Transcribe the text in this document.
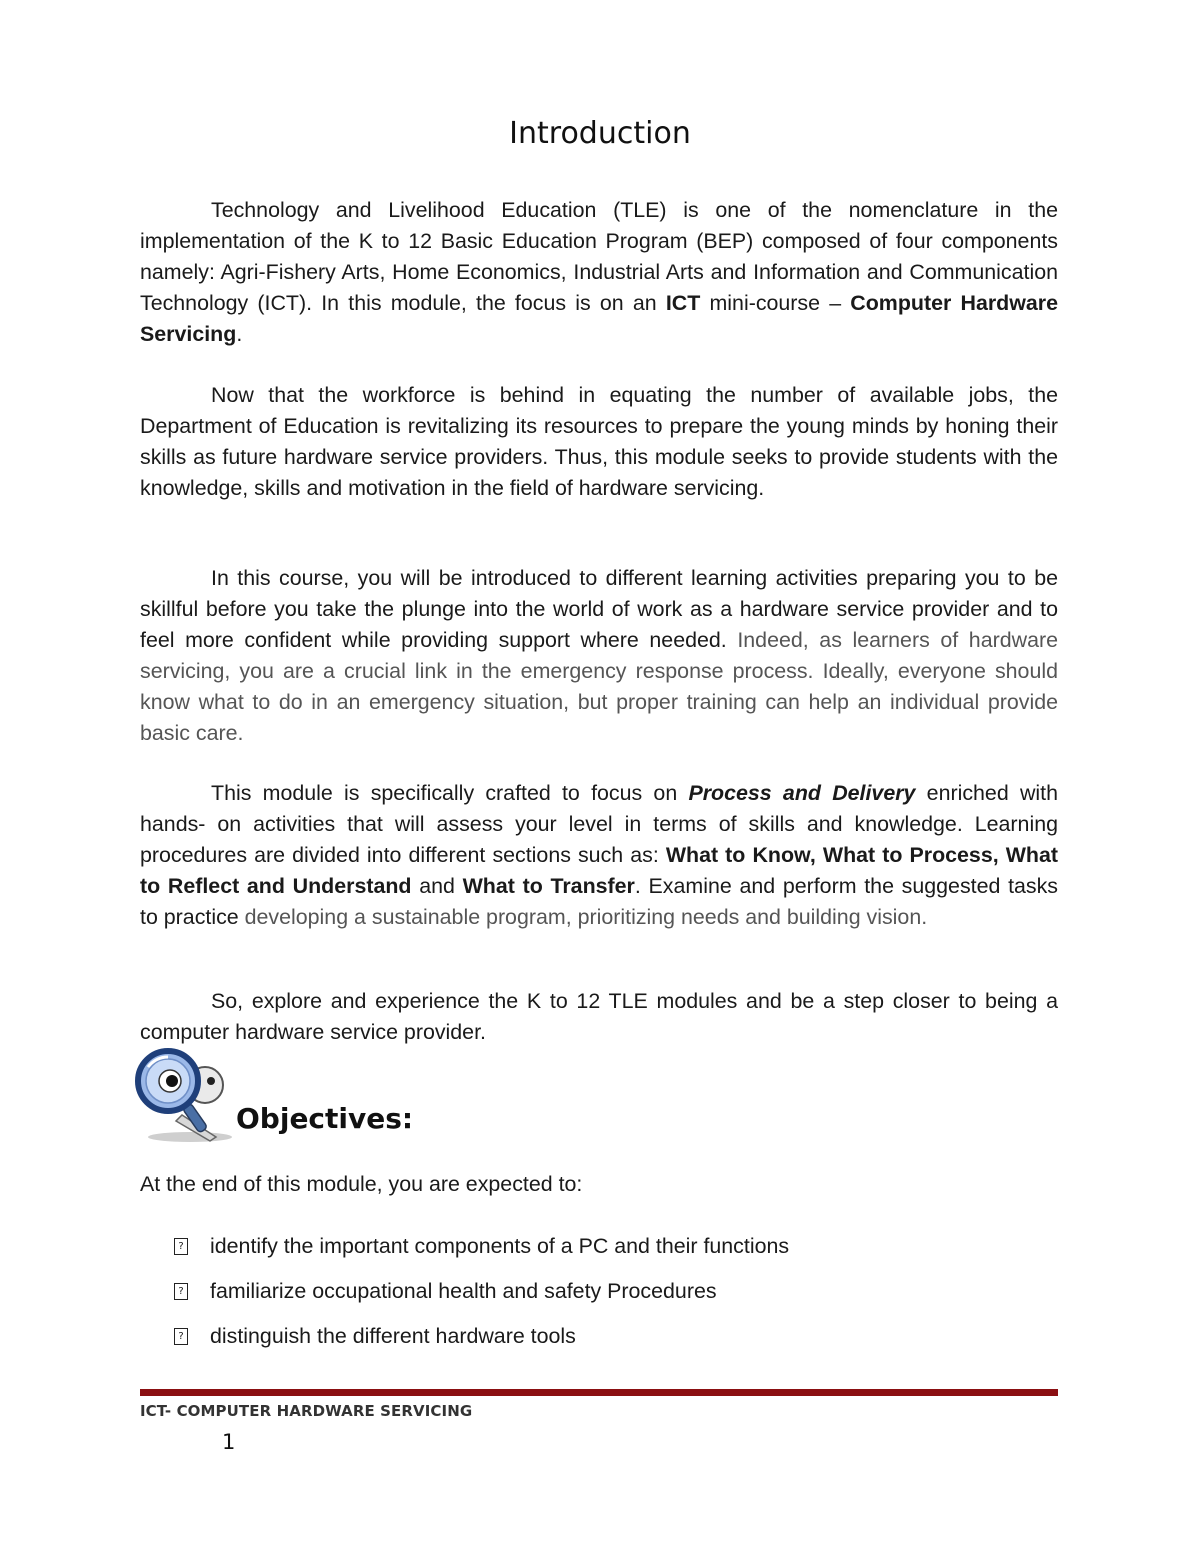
Introduction

Technology and Livelihood Education (TLE) is one of the nomenclature in the implementation of the K to 12 Basic Education Program (BEP) composed of four components namely: Agri-Fishery Arts, Home Economics, Industrial Arts and Information and Communication Technology (ICT). In this module, the focus is on an ICT mini-course – Computer Hardware Servicing.

Now that the workforce is behind in equating the number of available jobs, the Department of Education is revitalizing its resources to prepare the young minds by honing their skills as future hardware service providers. Thus, this module seeks to provide students with the knowledge, skills and motivation in the field of hardware servicing.

In this course, you will be introduced to different learning activities preparing you to be skillful before you take the plunge into the world of work as a hardware service provider and to feel more confident while providing support where needed. Indeed, as learners of hardware servicing, you are a crucial link in the emergency response process. Ideally, everyone should know what to do in an emergency situation, but proper training can help an individual provide basic care.

This module is specifically crafted to focus on Process and Delivery enriched with hands- on activities that will assess your level in terms of skills and knowledge. Learning procedures are divided into different sections such as: What to Know, What to Process, What to Reflect and Understand and What to Transfer. Examine and perform the suggested tasks to practice developing a sustainable program, prioritizing needs and building vision.

So, explore and experience the K to 12 TLE modules and be a step closer to being a computer hardware service provider.

Objectives:

At the end of this module, you are expected to:

? identify the important components of a PC and their functions
? familiarize occupational health and safety Procedures
? distinguish the different hardware tools

ICT- COMPUTER HARDWARE SERVICING

1
